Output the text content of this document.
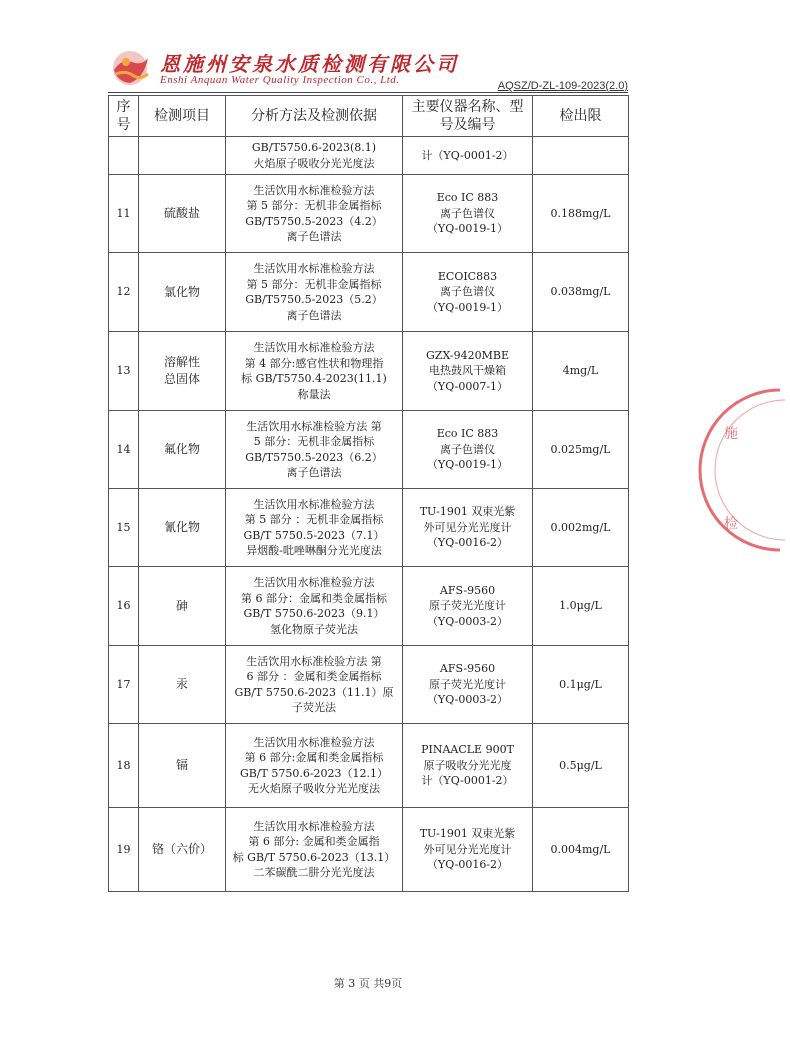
恩施州安泉水质检测有限公司
Enshi Anquan Water Quality Inspection Co., Ltd.	AQSZ/D-ZL-109-2023(2.0)
序号	检测项目	分析方法及检测依据	主要仪器名称、型号及编号	检出限
		GB/T5750.6-2023(8.1)
火焰原子吸收分光光度法	计（YQ-0001-2）	
11	硫酸盐	生活饮用水标准检验方法
第 5 部分：无机非金属指标
GB/T5750.5-2023（4.2）
离子色谱法	Eco IC 883
离子色谱仪
（YQ-0019-1）	0.188mg/L
12	氯化物	生活饮用水标准检验方法
第 5 部分：无机非金属指标
GB/T5750.5-2023（5.2）
离子色谱法	ECOIC883
离子色谱仪
（YQ-0019-1）	0.038mg/L
13	溶解性
总固体	生活饮用水标准检验方法
第 4 部分:感官性状和物理指
标 GB/T5750.4-2023(11.1)
称量法	GZX-9420MBE
电热鼓风干燥箱
（YQ-0007-1）	4mg/L
14	氟化物	生活饮用水标准检验方法 第
5 部分：无机非金属指标
GB/T5750.5-2023（6.2）
离子色谱法	Eco IC 883
离子色谱仪
（YQ-0019-1）	0.025mg/L
15	氰化物	生活饮用水标准检验方法
第 5 部分 ：无机非金属指标
GB/T 5750.5-2023（7.1）
异烟酸-吡唑啉酮分光光度法	TU-1901 双束光紫
外可见分光光度计
（YQ-0016-2）	0.002mg/L
16	砷	生活饮用水标准检验方法
第 6 部分：金属和类金属指标
GB/T 5750.6-2023（9.1）
氢化物原子荧光法	AFS-9560
原子荧光光度计
（YQ-0003-2）	1.0μg/L
17	汞	生活饮用水标准检验方法 第
6 部分 ：金属和类金属指标
GB/T 5750.6-2023（11.1）原
子荧光法	AFS-9560
原子荧光光度计
（YQ-0003-2）	0.1μg/L
18	镉	生活饮用水标准检验方法
第 6 部分:金属和类金属指标
GB/T 5750.6-2023（12.1）
无火焰原子吸收分光光度法	PINAACLE 900T
原子吸收分光光度
计（YQ-0001-2）	0.5μg/L
19	铬（六价）	生活饮用水标准检验方法
第 6 部分: 金属和类金属指
标 GB/T 5750.6-2023（13.1）
二苯碳酰二肼分光光度法	TU-1901 双束光紫
外可见分光光度计
（YQ-0016-2）	0.004mg/L
施
检
第 3 页 共9页
